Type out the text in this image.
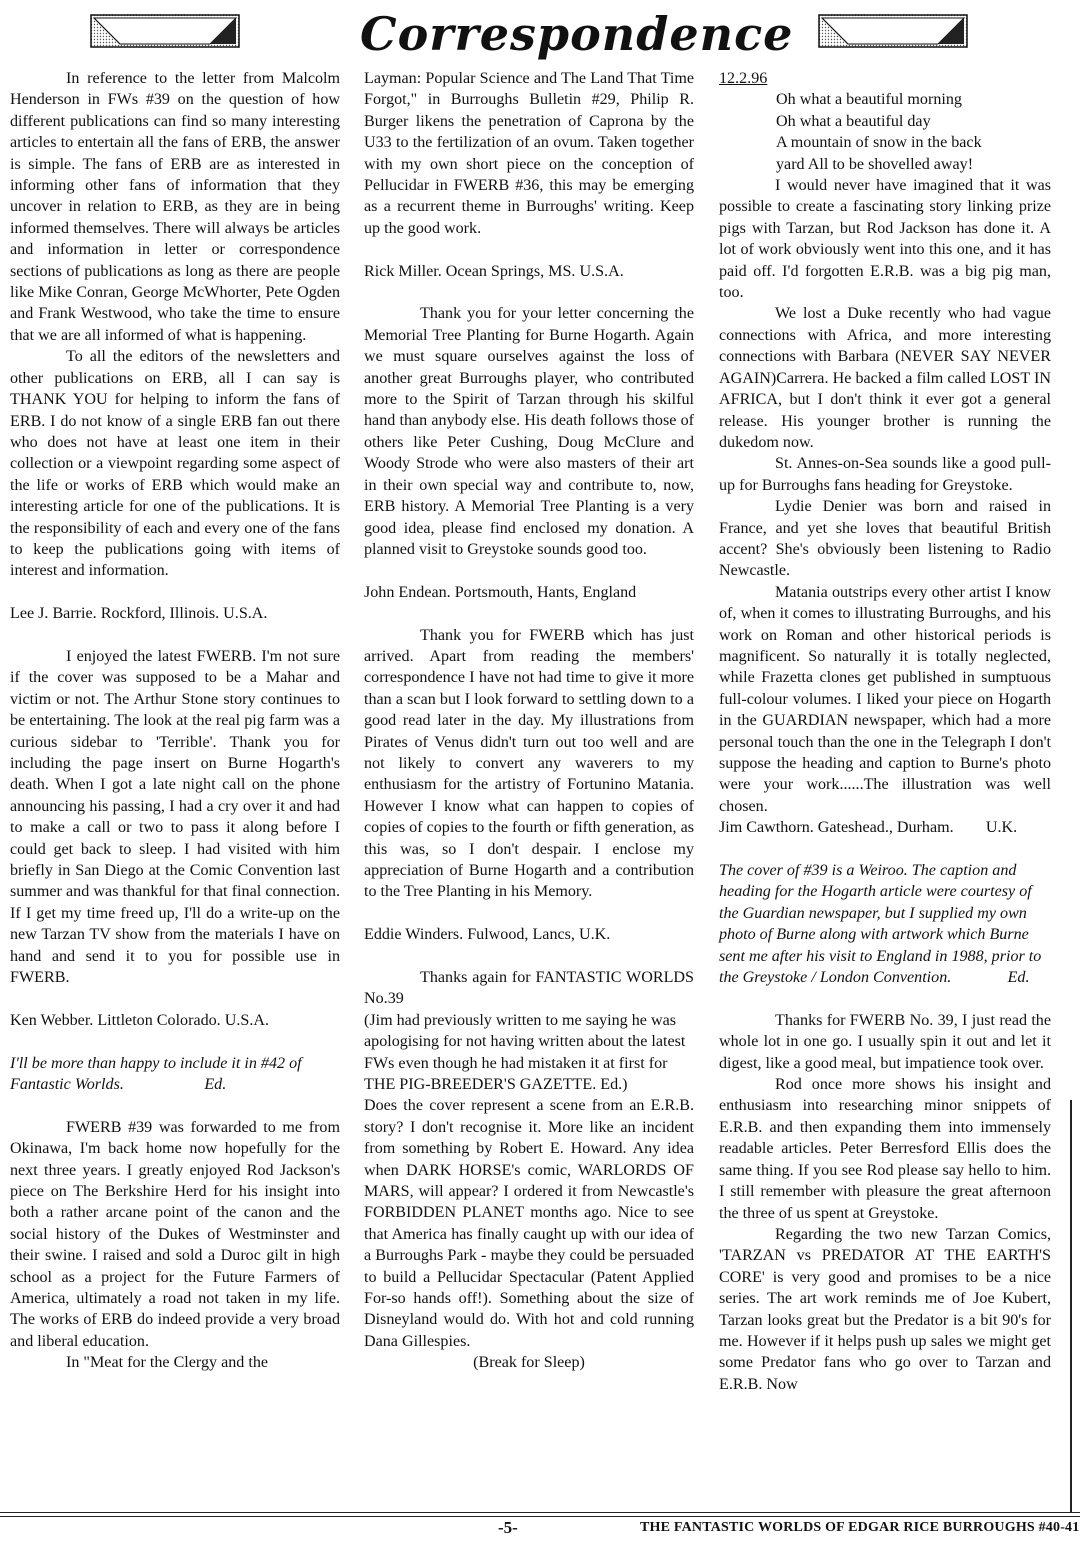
Correspondence

In reference to the letter from Malcolm Henderson in FWs #39 on the question of how different publications can find so many interesting articles to entertain all the fans of ERB, the answer is simple. The fans of ERB are as interested in informing other fans of information that they uncover in relation to ERB, as they are in being informed themselves. There will always be articles and information in letter or correspondence sections of publications as long as there are people like Mike Conran, George McWhorter, Pete Ogden and Frank Westwood, who take the time to ensure that we are all informed of what is happening.

To all the editors of the newsletters and other publications on ERB, all I can say is THANK YOU for helping to inform the fans of ERB. I do not know of a single ERB fan out there who does not have at least one item in their collection or a viewpoint regarding some aspect of the life or works of ERB which would make an interesting article for one of the publications. It is the responsibility of each and every one of the fans to keep the publications going with items of interest and information.

Lee J. Barrie. Rockford, Illinois. U.S.A.

I enjoyed the latest FWERB. I'm not sure if the cover was supposed to be a Mahar and victim or not. The Arthur Stone story continues to be entertaining. The look at the real pig farm was a curious sidebar to 'Terrible'. Thank you for including the page insert on Burne Hogarth's death. When I got a late night call on the phone announcing his passing, I had a cry over it and had to make a call or two to pass it along before I could get back to sleep. I had visited with him briefly in San Diego at the Comic Convention last summer and was thankful for that final connection. If I get my time freed up, I'll do a write-up on the new Tarzan TV show from the materials I have on hand and send it to you for possible use in FWERB.

Ken Webber. Littleton Colorado. U.S.A.

I'll be more than happy to include it in #42 of Fantastic Worlds.                    Ed.

FWERB #39 was forwarded to me from Okinawa, I'm back home now hopefully for the next three years. I greatly enjoyed Rod Jackson's piece on The Berkshire Herd for his insight into both a rather arcane point of the canon and the social history of the Dukes of Westminster and their swine. I raised and sold a Duroc gilt in high school as a project for the Future Farmers of America, ultimately a road not taken in my life. The works of ERB do indeed provide a very broad and liberal education.

In "Meat for the Clergy and the

Layman: Popular Science and The Land That Time Forgot," in Burroughs Bulletin #29, Philip R. Burger likens the penetration of Caprona by the U33 to the fertilization of an ovum. Taken together with my own short piece on the conception of Pellucidar in FWERB #36, this may be emerging as a recurrent theme in Burroughs' writing. Keep up the good work.

Rick Miller. Ocean Springs, MS. U.S.A.

Thank you for your letter concerning the Memorial Tree Planting for Burne Hogarth. Again we must square ourselves against the loss of another great Burroughs player, who contributed more to the Spirit of Tarzan through his skilful hand than anybody else. His death follows those of others like Peter Cushing, Doug McClure and Woody Strode who were also masters of their art in their own special way and contribute to, now, ERB history. A Memorial Tree Planting is a very good idea, please find enclosed my donation. A planned visit to Greystoke sounds good too.

John Endean. Portsmouth, Hants, England

Thank you for FWERB which has just arrived. Apart from reading the members' correspondence I have not had time to give it more than a scan but I look forward to settling down to a good read later in the day. My illustrations from Pirates of Venus didn't turn out too well and are not likely to convert any waverers to my enthusiasm for the artistry of Fortunino Matania. However I know what can happen to copies of copies of copies to the fourth or fifth generation, as this was, so I don't despair. I enclose my appreciation of Burne Hogarth and a contribution to the Tree Planting in his Memory.

Eddie Winders. Fulwood, Lancs, U.K.

Thanks again for FANTASTIC WORLDS No.39
(Jim had previously written to me saying he was apologising for not having written about the latest FWs even though he had mistaken it at first for THE PIG-BREEDER'S GAZETTE. Ed.)

Does the cover represent a scene from an E.R.B. story? I don't recognise it. More like an incident from something by Robert E. Howard. Any idea when DARK HORSE's comic, WARLORDS OF MARS, will appear? I ordered it from Newcastle's FORBIDDEN PLANET months ago. Nice to see that America has finally caught up with our idea of a Burroughs Park - maybe they could be persuaded to build a Pellucidar Spectacular (Patent Applied For-so hands off!). Something about the size of Disneyland would do. With hot and cold running Dana Gillespies.

(Break for Sleep)

12.2.96

Oh what a beautiful morning

Oh what a beautiful day

A mountain of snow in the back

yard All to be shovelled away!

I would never have imagined that it was possible to create a fascinating story linking prize pigs with Tarzan, but Rod Jackson has done it. A lot of work obviously went into this one, and it has paid off. I'd forgotten E.R.B. was a big pig man, too.

We lost a Duke recently who had vague connections with Africa, and more interesting connections with Barbara (NEVER SAY NEVER AGAIN)Carrera. He backed a film called LOST IN AFRICA, but I don't think it ever got a general release. His younger brother is running the dukedom now.

St. Annes-on-Sea sounds like a good pull-up for Burroughs fans heading for Greystoke.

Lydie Denier was born and raised in France, and yet she loves that beautiful British accent? She's obviously been listening to Radio Newcastle.

Matania outstrips every other artist I know of, when it comes to illustrating Burroughs, and his work on Roman and other historical periods is magnificent. So naturally it is totally neglected, while Frazetta clones get published in sumptuous full-colour volumes. I liked your piece on Hogarth in the GUARDIAN newspaper, which had a more personal touch than the one in the Telegraph I don't suppose the heading and caption to Burne's photo were your work......The illustration was well chosen.

Jim Cawthorn. Gateshead., Durham.        U.K.

The cover of #39 is a Weiroo. The caption and heading for the Hogarth article were courtesy of the Guardian newspaper, but I supplied my own photo of Burne along with artwork which Burne sent me after his visit to England in 1988, prior to the Greystoke / London Convention.              Ed.

Thanks for FWERB No. 39, I just read the whole lot in one go. I usually spin it out and let it digest, like a good meal, but impatience took over.

Rod once more shows his insight and enthusiasm into researching minor snippets of E.R.B. and then expanding them into immensely readable articles. Peter Berresford Ellis does the same thing. If you see Rod please say hello to him. I still remember with pleasure the great afternoon the three of us spent at Greystoke.

Regarding the two new Tarzan Comics, 'TARZAN vs PREDATOR AT THE EARTH'S CORE' is very good and promises to be a nice series. The art work reminds me of Joe Kubert, Tarzan looks great but the Predator is a bit 90's for me. However if it helps push up sales we might get some Predator fans who go over to Tarzan and E.R.B. Now

-5-	THE FANTASTIC WORLDS OF EDGAR RICE BURROUGHS #40-41
